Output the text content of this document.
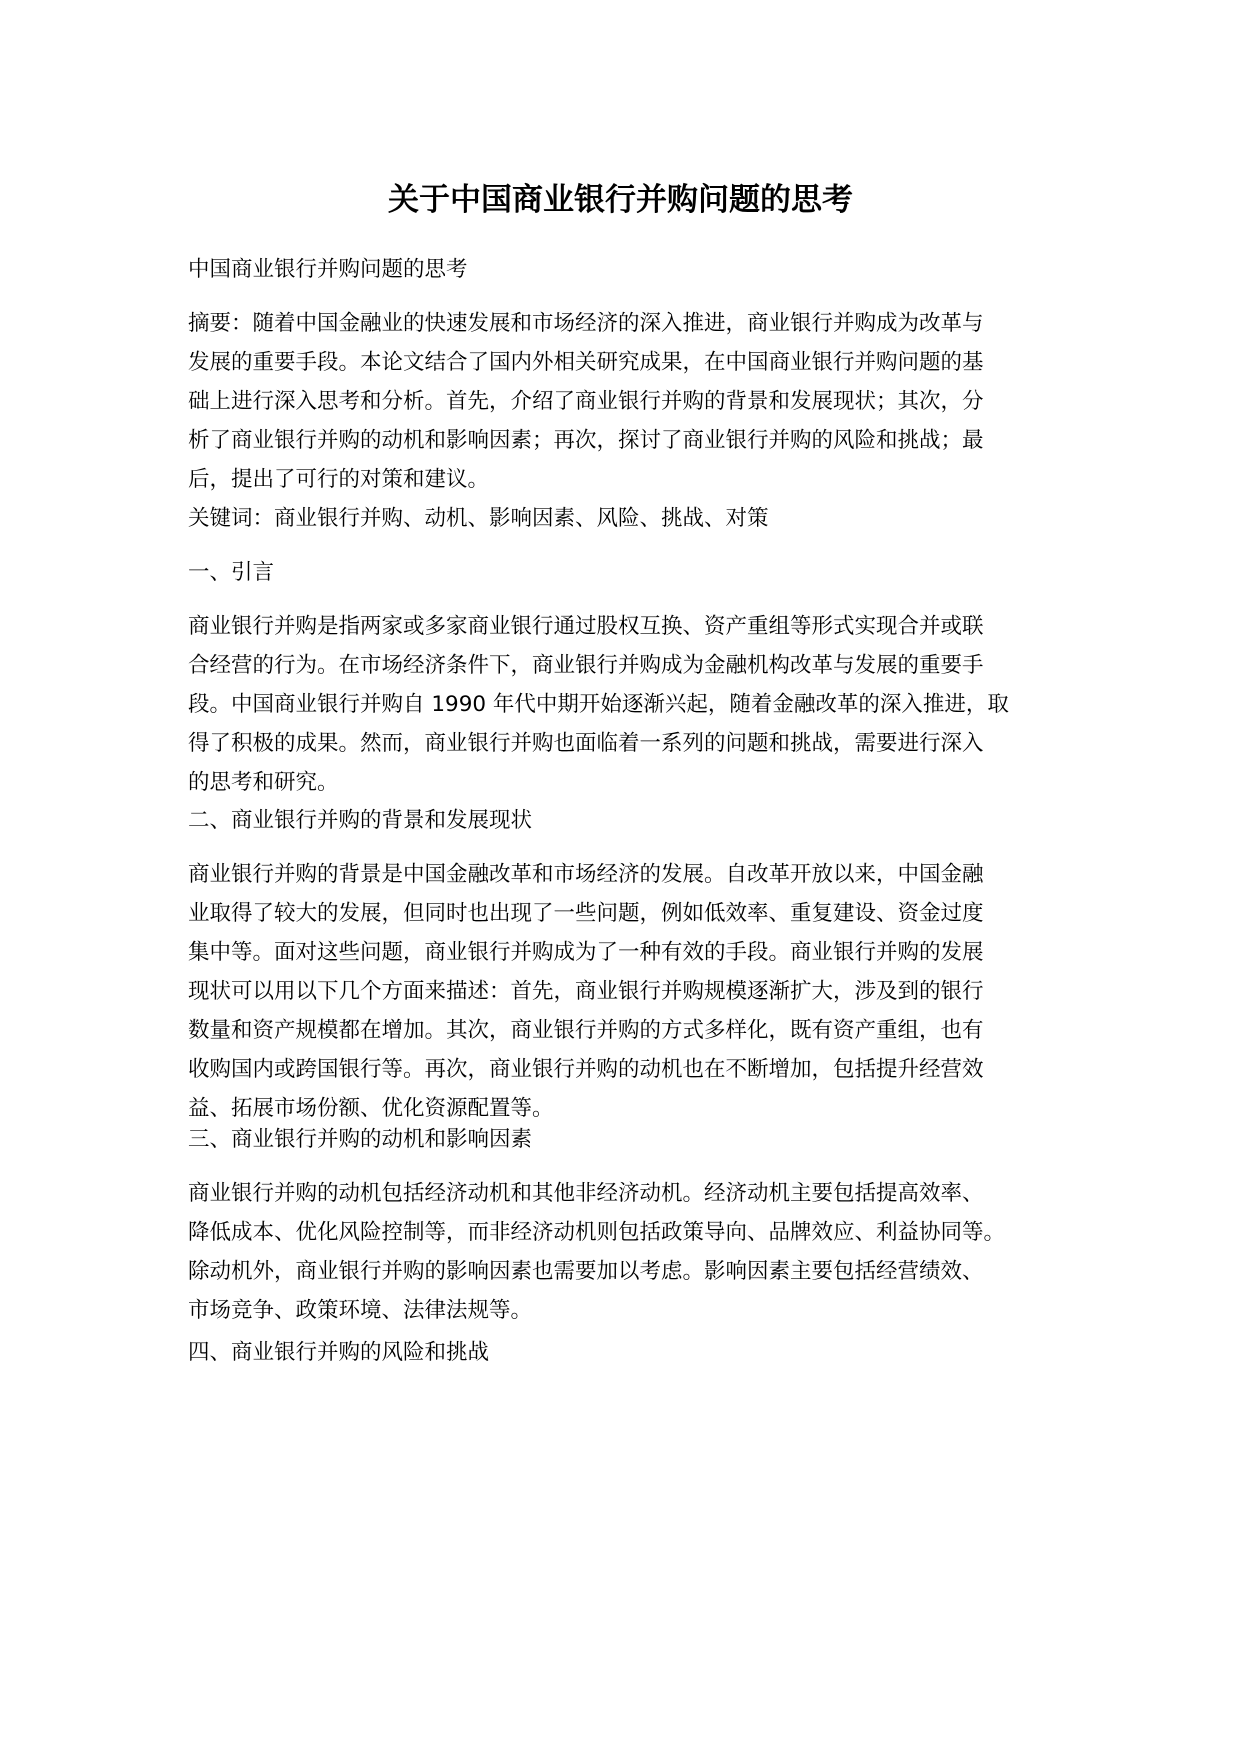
关于中国商业银行并购问题的思考
中国商业银行并购问题的思考
摘要：随着中国金融业的快速发展和市场经济的深入推进，商业银行并购成为改革与
发展的重要手段。本论文结合了国内外相关研究成果，在中国商业银行并购问题的基
础上进行深入思考和分析。首先，介绍了商业银行并购的背景和发展现状；其次，分
析了商业银行并购的动机和影响因素；再次，探讨了商业银行并购的风险和挑战；最
后，提出了可行的对策和建议。
关键词：商业银行并购、动机、影响因素、风险、挑战、对策
一、引言
商业银行并购是指两家或多家商业银行通过股权互换、资产重组等形式实现合并或联
合经营的行为。在市场经济条件下，商业银行并购成为金融机构改革与发展的重要手
段。中国商业银行并购自 1990 年代中期开始逐渐兴起，随着金融改革的深入推进，取
得了积极的成果。然而，商业银行并购也面临着一系列的问题和挑战，需要进行深入
的思考和研究。
二、商业银行并购的背景和发展现状
商业银行并购的背景是中国金融改革和市场经济的发展。自改革开放以来，中国金融
业取得了较大的发展，但同时也出现了一些问题，例如低效率、重复建设、资金过度
集中等。面对这些问题，商业银行并购成为了一种有效的手段。商业银行并购的发展
现状可以用以下几个方面来描述：首先，商业银行并购规模逐渐扩大，涉及到的银行
数量和资产规模都在增加。其次，商业银行并购的方式多样化，既有资产重组，也有
收购国内或跨国银行等。再次，商业银行并购的动机也在不断增加，包括提升经营效
益、拓展市场份额、优化资源配置等。
三、商业银行并购的动机和影响因素
商业银行并购的动机包括经济动机和其他非经济动机。经济动机主要包括提高效率、
降低成本、优化风险控制等，而非经济动机则包括政策导向、品牌效应、利益协同等。
除动机外，商业银行并购的影响因素也需要加以考虑。影响因素主要包括经营绩效、
市场竞争、政策环境、法律法规等。
四、商业银行并购的风险和挑战
